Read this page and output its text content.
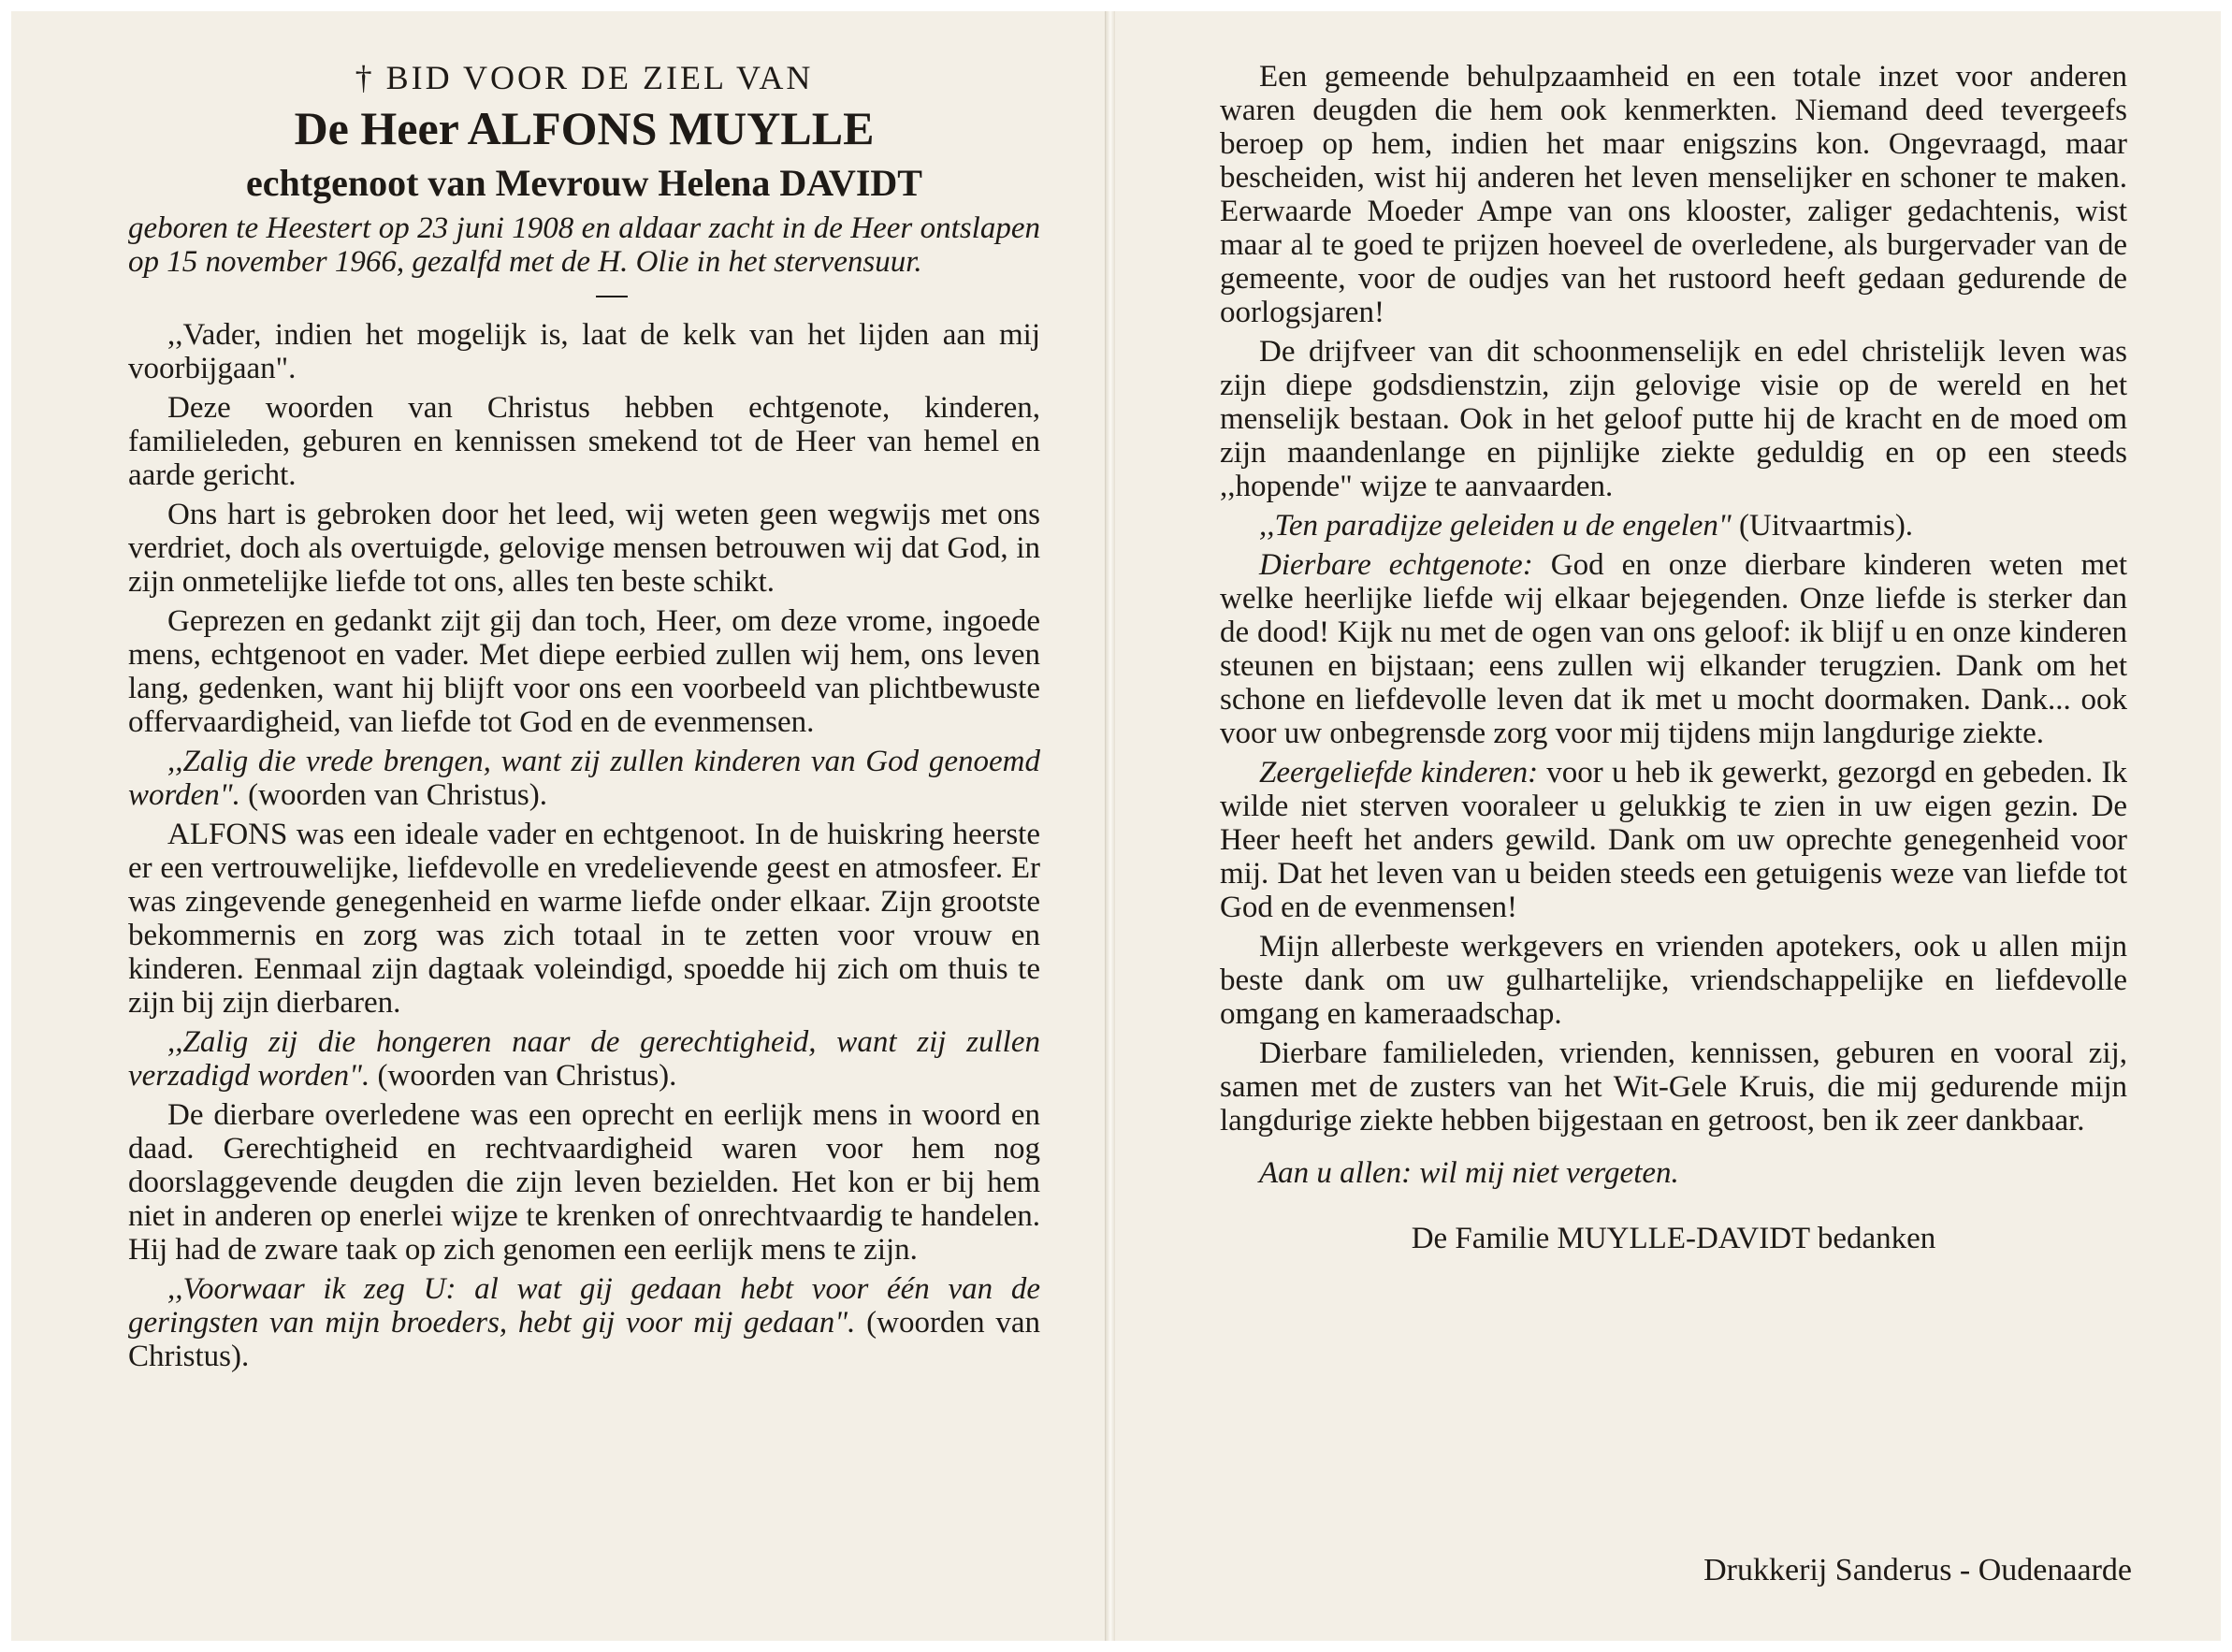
† BID VOOR DE ZIEL VAN

De Heer ALFONS MUYLLE

echtgenoot van Mevrouw Helena DAVIDT

geboren te Heestert op 23 juni 1908 en aldaar zacht in de Heer ontslapen op 15 november 1966, gezalfd met de H. Olie in het stervensuur.

,,Vader, indien het mogelijk is, laat de kelk van het lijden aan mij voorbijgaan".

Deze woorden van Christus hebben echtgenote, kinderen, familieleden, geburen en kennissen smekend tot de Heer van hemel en aarde gericht.

Ons hart is gebroken door het leed, wij weten geen wegwijs met ons verdriet, doch als overtuigde, gelovige mensen betrouwen wij dat God, in zijn onmetelijke liefde tot ons, alles ten beste schikt.

Geprezen en gedankt zijt gij dan toch, Heer, om deze vrome, ingoede mens, echtgenoot en vader. Met diepe eerbied zullen wij hem, ons leven lang, gedenken, want hij blijft voor ons een voorbeeld van plichtbewuste offervaardigheid, van liefde tot God en de evenmensen.

,,Zalig die vrede brengen, want zij zullen kinderen van God genoemd worden". (woorden van Christus).

ALFONS was een ideale vader en echtgenoot. In de huiskring heerste er een vertrouwelijke, liefdevolle en vredelievende geest en atmosfeer. Er was zingevende genegenheid en warme liefde onder elkaar. Zijn grootste bekommernis en zorg was zich totaal in te zetten voor vrouw en kinderen. Eenmaal zijn dagtaak voleindigd, spoedde hij zich om thuis te zijn bij zijn dierbaren.

,,Zalig zij die hongeren naar de gerechtigheid, want zij zullen verzadigd worden". (woorden van Christus).

De dierbare overledene was een oprecht en eerlijk mens in woord en daad. Gerechtigheid en rechtvaardigheid waren voor hem nog doorslaggevende deugden die zijn leven bezielden. Het kon er bij hem niet in anderen op enerlei wijze te krenken of onrechtvaardig te handelen. Hij had de zware taak op zich genomen een eerlijk mens te zijn.

,,Voorwaar ik zeg U: al wat gij gedaan hebt voor één van de geringsten van mijn broeders, hebt gij voor mij gedaan". (woorden van Christus).

Een gemeende behulpzaamheid en een totale inzet voor anderen waren deugden die hem ook kenmerkten. Niemand deed tevergeefs beroep op hem, indien het maar enigszins kon. Ongevraagd, maar bescheiden, wist hij anderen het leven menselijker en schoner te maken. Eerwaarde Moeder Ampe van ons klooster, zaliger gedachtenis, wist maar al te goed te prijzen hoeveel de overledene, als burgervader van de gemeente, voor de oudjes van het rustoord heeft gedaan gedurende de oorlogsjaren!

De drijfveer van dit schoonmenselijk en edel christelijk leven was zijn diepe godsdienstzin, zijn gelovige visie op de wereld en het menselijk bestaan. Ook in het geloof putte hij de kracht en de moed om zijn maandenlange en pijnlijke ziekte geduldig en op een steeds ,,hopende" wijze te aanvaarden.

,,Ten paradijze geleiden u de engelen" (Uitvaartmis).

Dierbare echtgenote: God en onze dierbare kinderen weten met welke heerlijke liefde wij elkaar bejegenden. Onze liefde is sterker dan de dood! Kijk nu met de ogen van ons geloof: ik blijf u en onze kinderen steunen en bijstaan; eens zullen wij elkander terugzien. Dank om het schone en liefdevolle leven dat ik met u mocht doormaken. Dank... ook voor uw onbegrensde zorg voor mij tijdens mijn langdurige ziekte.

Zeergeliefde kinderen: voor u heb ik gewerkt, gezorgd en gebeden. Ik wilde niet sterven vooraleer u gelukkig te zien in uw eigen gezin. De Heer heeft het anders gewild. Dank om uw oprechte genegenheid voor mij. Dat het leven van u beiden steeds een getuigenis weze van liefde tot God en de evenmensen!

Mijn allerbeste werkgevers en vrienden apotekers, ook u allen mijn beste dank om uw gulhartelijke, vriendschappelijke en liefdevolle omgang en kameraadschap.

Dierbare familieleden, vrienden, kennissen, geburen en vooral zij, samen met de zusters van het Wit-Gele Kruis, die mij gedurende mijn langdurige ziekte hebben bijgestaan en getroost, ben ik zeer dankbaar.

Aan u allen: wil mij niet vergeten.

De Familie MUYLLE-DAVIDT bedanken

Drukkerij Sanderus - Oudenaarde
